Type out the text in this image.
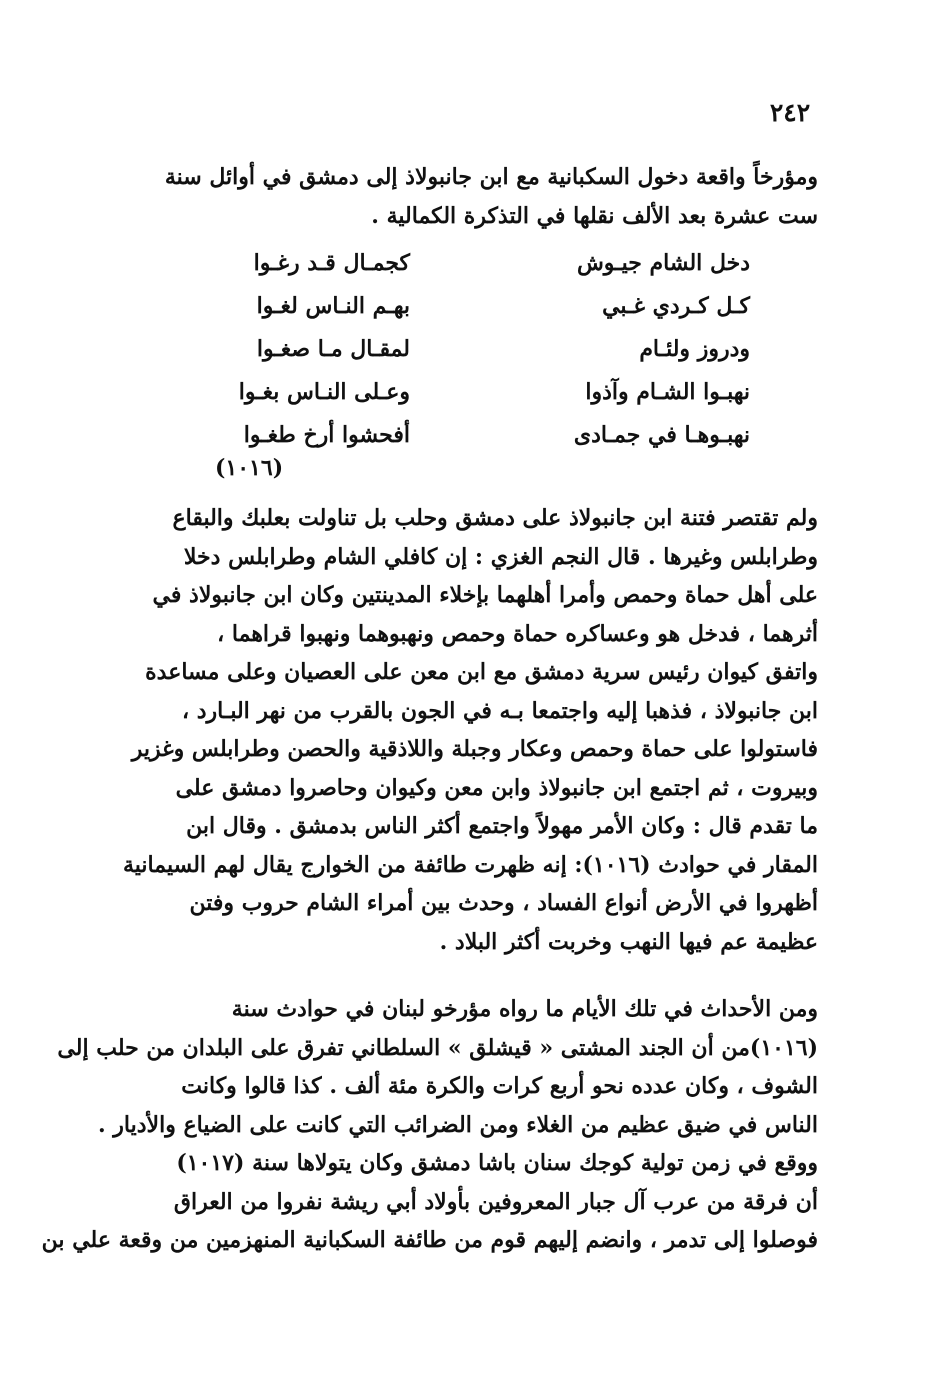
٢٤٢
ومؤرخاً واقعة دخول السكبانية مع ابن جانبولاذ إلى دمشق في أوائل سنة
ست عشرة بعد الألف نقلها في التذكرة الكمالية .
دخل الشام جيـوش
كجمـال قـد رغـوا
كـل كـردي غـبي
بهـم النـاس لغـوا
ودروز ولئـام
لمقـال مـا صغـوا
نهبـوا الشـام وآذوا
وعـلى النـاس بغـوا
نهبـوهـا في جمـادى
أفحشوا أرخ طغـوا
(١٠١٦)
ولم تقتصر فتنة ابن جانبولاذ على دمشق وحلب بل تناولت بعلبك والبقاع
وطرابلس وغيرها . قال النجم الغزي : إن كافلي الشام وطرابلس دخلا
على أهل حماة وحمص وأمرا أهلهما بإخلاء المدينتين وكان ابن جانبولاذ في
أثرهما ، فدخل هو وعساكره حماة وحمص ونهبوهما ونهبوا قراهما ،
واتفق كيوان رئيس سرية دمشق مع ابن معن على العصيان وعلى مساعدة
ابن جانبولاذ ، فذهبا إليه واجتمعا بـه في الجون بالقرب من نهر البـارد ،
فاستولوا على حماة وحمص وعكار وجبلة واللاذقية والحصن وطرابلس وغزير
وبيروت ، ثم اجتمع ابن جانبولاذ وابن معن وكيوان وحاصروا دمشق على
ما تقدم قال : وكان الأمر مهولاً واجتمع أكثر الناس بدمشق . وقال ابن
المقار في حوادث (١٠١٦): إنه ظهرت طائفة من الخوارج يقال لهم السيمانية
أظهروا في الأرض أنواع الفساد ، وحدث بين أمراء الشام حروب وفتن
عظيمة عم فيها النهب وخربت أكثر البلاد .
ومن الأحداث في تلك الأيام ما رواه مؤرخو لبنان في حوادث سنة
(١٠١٦)من أن الجند المشتى « قيشلق » السلطاني تفرق على البلدان من حلب إلى
الشوف ، وكان عدده نحو أربع كرات والكرة مئة ألف . كذا قالوا وكانت
الناس في ضيق عظيم من الغلاء ومن الضرائب التي كانت على الضياع والأديار .
ووقع في زمن تولية كوجك سنان باشا دمشق وكان يتولاها سنة (١٠١٧)
أن فرقة من عرب آل جبار المعروفين بأولاد أبي ريشة نفروا من العراق
فوصلوا إلى تدمر ، وانضم إليهم قوم من طائفة السكبانية المنهزمين من وقعة علي بن
